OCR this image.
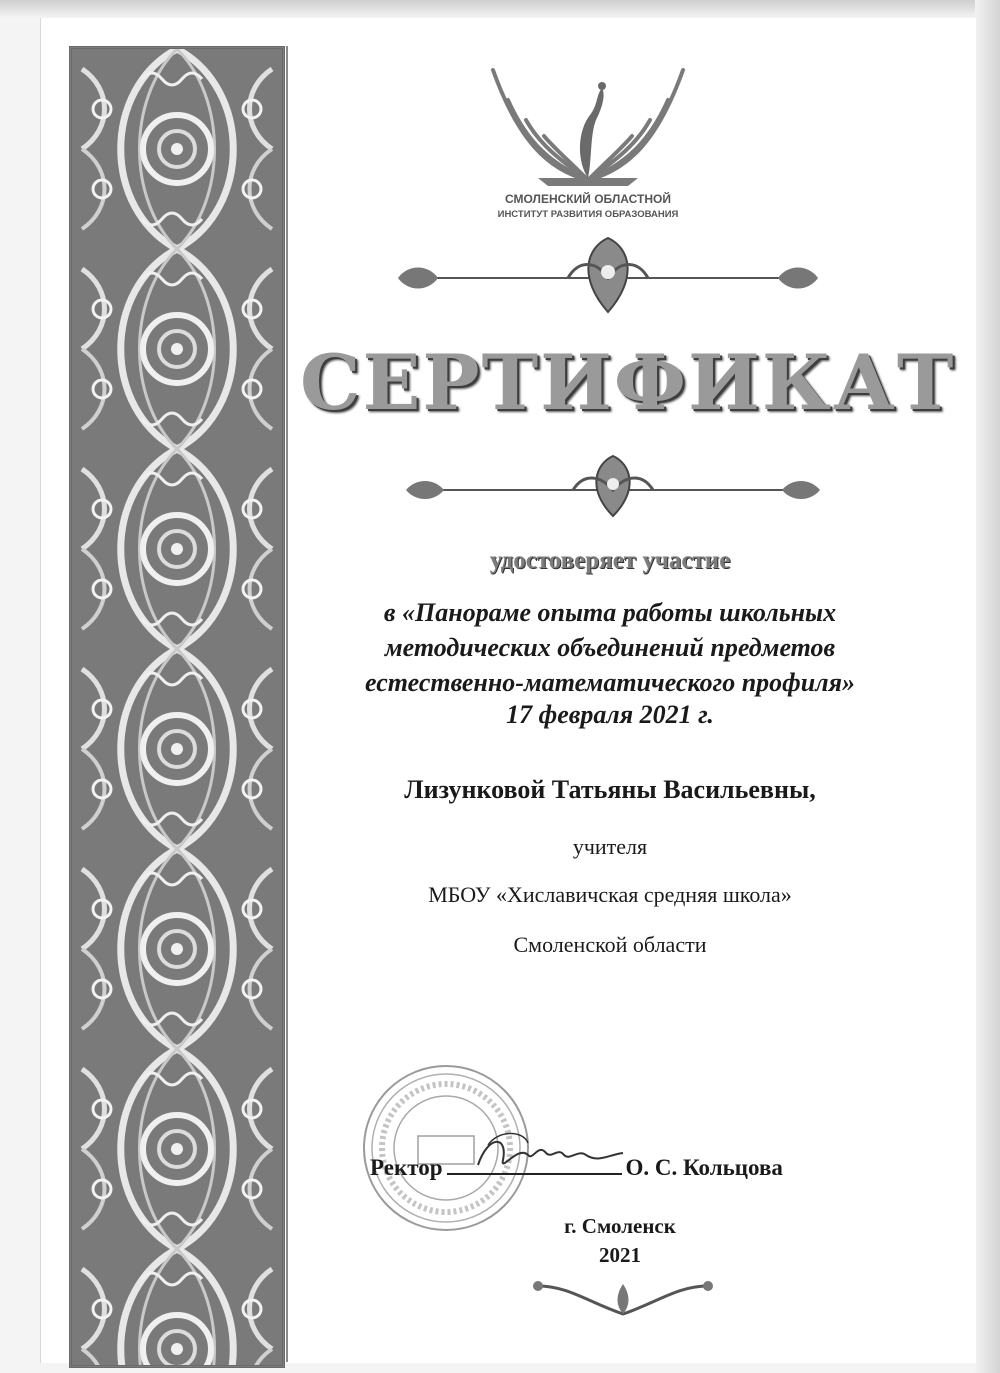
СМОЛЕНСКИЙ ОБЛАСТНОЙ
ИНСТИТУТ РАЗВИТИЯ ОБРАЗОВАНИЯ
СЕРТИФИКАТ
удостоверяет участие
в «Панораме опыта работы школьных
методических объединений предметов
естественно-математического профиля»
17 февраля 2021 г.
Лизунковой Татьяны Васильевны,
учителя
МБОУ «Хиславичская средняя школа»
Смоленской области
Ректор	О. С. Кольцова
г. Смоленск
2021
